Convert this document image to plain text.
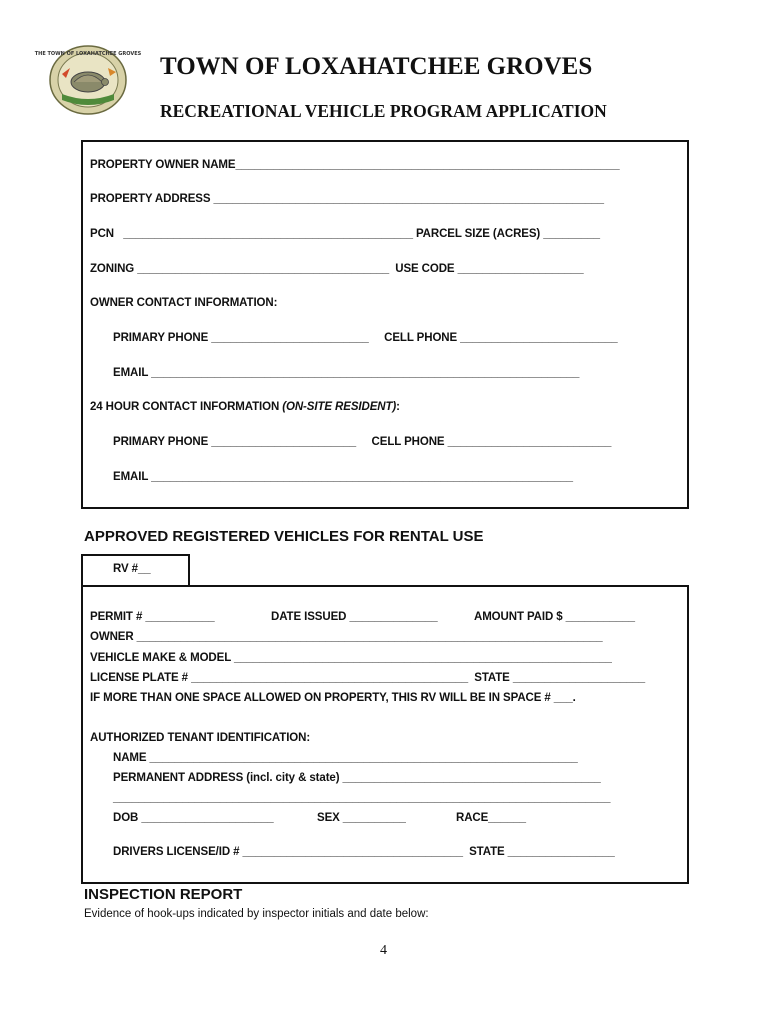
THE TOWN OF LOXAHATCHEE GROVES TOWN OF LOXAHATCHEE GROVES
RECREATIONAL VEHICLE PROGRAM APPLICATION
PROPERTY OWNER NAME_____________________________________________________________
PROPERTY ADDRESS ______________________________________________________________
PCN   ______________________________________________ PARCEL SIZE (ACRES) _________
ZONING ________________________________________  USE CODE ____________________
OWNER CONTACT INFORMATION:
PRIMARY PHONE _________________________     CELL PHONE _________________________
EMAIL ____________________________________________________________________
24 HOUR CONTACT INFORMATION (ON-SITE RESIDENT):
PRIMARY PHONE _______________________     CELL PHONE __________________________
EMAIL ___________________________________________________________________
APPROVED REGISTERED VEHICLES FOR RENTAL USE
RV #__
PERMIT # ___________	DATE ISSUED ______________	AMOUNT PAID $ ___________
OWNER __________________________________________________________________________
VEHICLE MAKE & MODEL ____________________________________________________________
LICENSE PLATE # ____________________________________________  STATE _____________________
IF MORE THAN ONE SPACE ALLOWED ON PROPERTY, THIS RV WILL BE IN SPACE # ___.
AUTHORIZED TENANT IDENTIFICATION:
NAME ____________________________________________________________________
PERMANENT ADDRESS (incl. city & state) _________________________________________
_______________________________________________________________________________
DOB _____________________	SEX __________	RACE______
DRIVERS LICENSE/ID # ___________________________________  STATE _________________
INSPECTION REPORT
Evidence of hook-ups indicated by inspector initials and date below:
4
